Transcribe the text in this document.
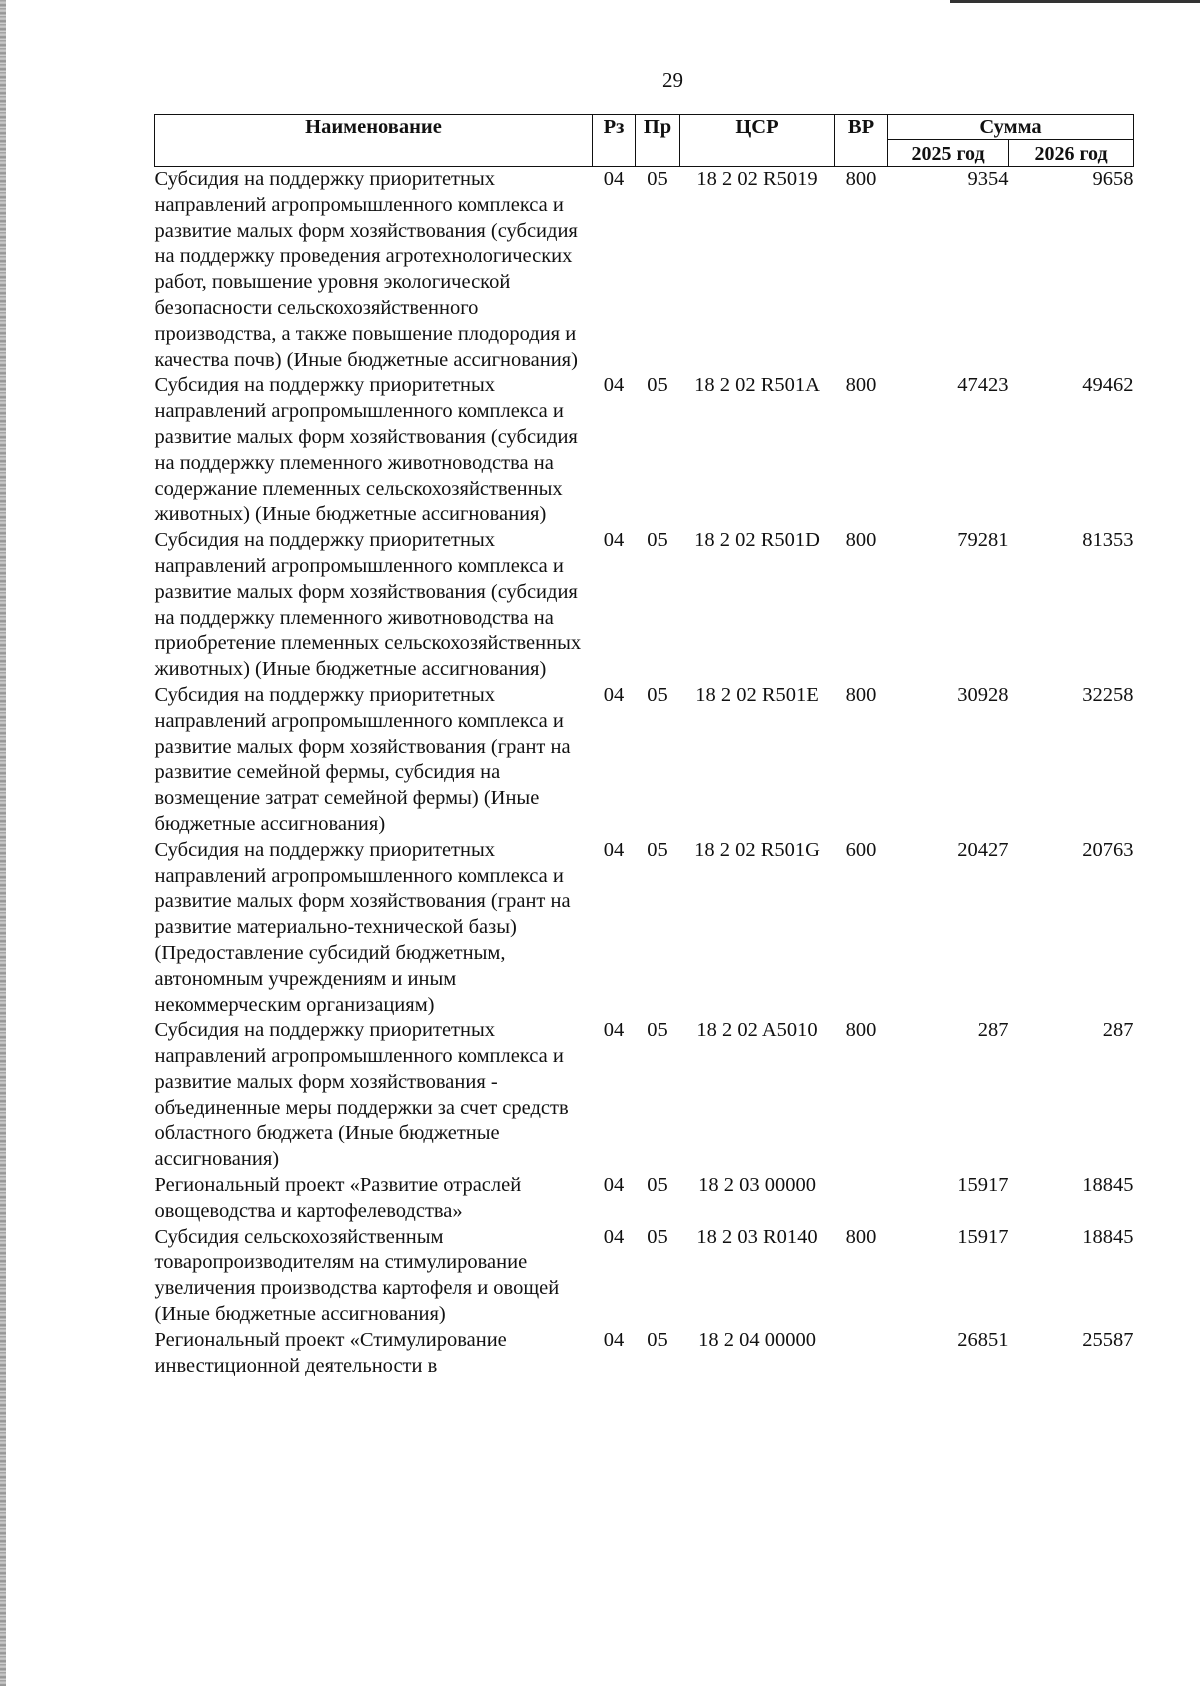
29
Наименование	Рз	Пр	ЦСР	ВР	Сумма	
					2025 год	2026 год
Субсидия на поддержку приоритетных направлений агропромышленного комплекса и развитие малых форм хозяйствования (субсидия на поддержку проведения агротехнологических работ, повышение уровня экологической безопасности сельскохозяйственного производства, а также повышение плодородия и качества почв) (Иные бюджетные ассигнования)	04	05	18 2 02 R5019	800	9354	9658
Субсидия на поддержку приоритетных направлений агропромышленного комплекса и развитие малых форм хозяйствования (субсидия на поддержку племенного животноводства на содержание племенных сельскохозяйственных животных) (Иные бюджетные ассигнования)	04	05	18 2 02 R501A	800	47423	49462
Субсидия на поддержку приоритетных направлений агропромышленного комплекса и развитие малых форм хозяйствования (субсидия на поддержку племенного животноводства на приобретение племенных сельскохозяйственных животных) (Иные бюджетные ассигнования)	04	05	18 2 02 R501D	800	79281	81353
Субсидия на поддержку приоритетных направлений агропромышленного комплекса и развитие малых форм хозяйствования (грант на развитие семейной фермы, субсидия на возмещение затрат семейной фермы) (Иные бюджетные ассигнования)	04	05	18 2 02 R501E	800	30928	32258
Субсидия на поддержку приоритетных направлений агропромышленного комплекса и развитие малых форм хозяйствования (грант на развитие материально-технической базы) (Предоставление субсидий бюджетным, автономным учреждениям и иным некоммерческим организациям)	04	05	18 2 02 R501G	600	20427	20763
Субсидия на поддержку приоритетных направлений агропромышленного комплекса и развитие малых форм хозяйствования - объединенные меры поддержки за счет средств областного бюджета (Иные бюджетные ассигнования)	04	05	18 2 02 A5010	800	287	287
Региональный проект «Развитие отраслей овощеводства и картофелеводства»	04	05	18 2 03 00000		15917	18845
Субсидия сельскохозяйственным товаропроизводителям на стимулирование увеличения производства картофеля и овощей (Иные бюджетные ассигнования)	04	05	18 2 03 R0140	800	15917	18845
Региональный проект «Стимулирование инвестиционной деятельности в	04	05	18 2 04 00000		26851	25587
